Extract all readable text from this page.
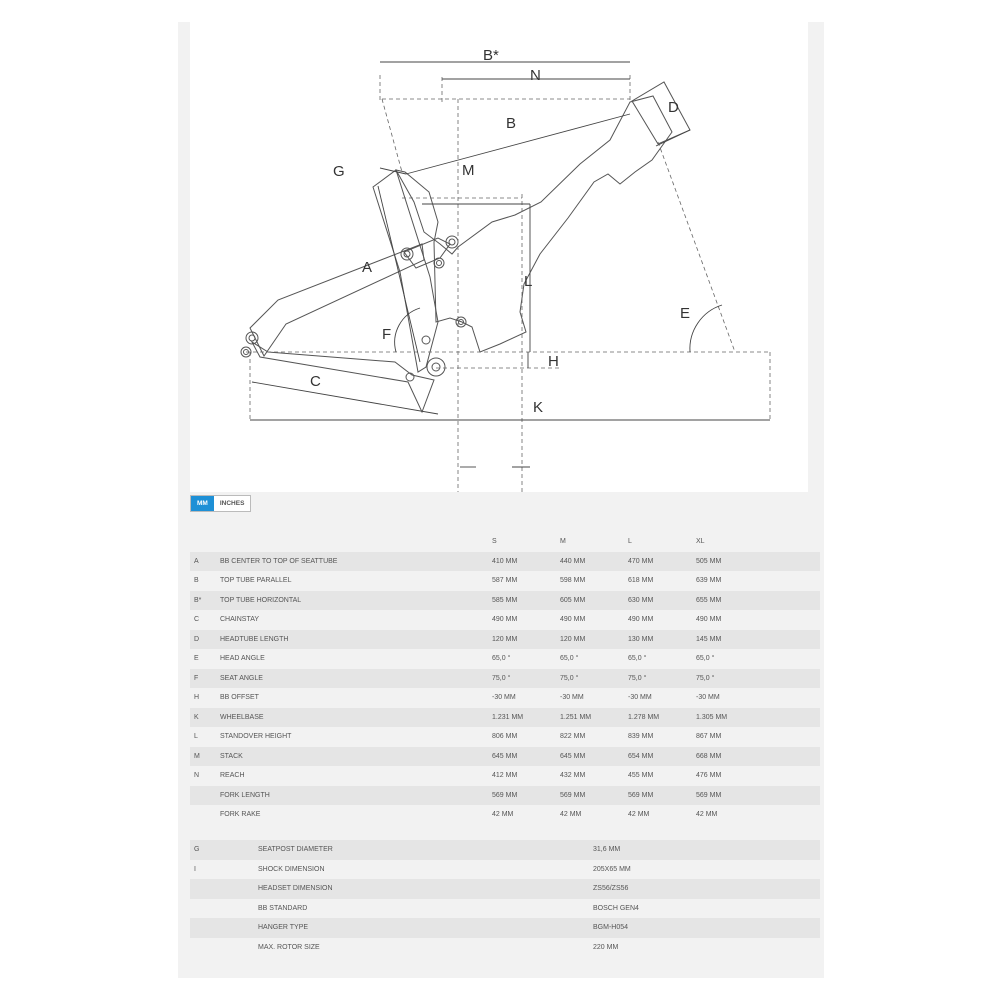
B*
N
B
D
G	M
A
L
E
F
H
C
K
MM	INCHES
S	M	L	XL
A	BB CENTER TO TOP OF SEATTUBE	410 MM	440 MM	470 MM	505 MM
B	TOP TUBE PARALLEL	587 MM	598 MM	618 MM	639 MM
B*	TOP TUBE HORIZONTAL	585 MM	605 MM	630 MM	655 MM
C	CHAINSTAY	490 MM	490 MM	490 MM	490 MM
D	HEADTUBE LENGTH	120 MM	120 MM	130 MM	145 MM
E	HEAD ANGLE	65,0 °	65,0 °	65,0 °	65,0 °
F	SEAT ANGLE	75,0 °	75,0 °	75,0 °	75,0 °
H	BB OFFSET	-30 MM	-30 MM	-30 MM	-30 MM
K	WHEELBASE	1.231 MM	1.251 MM	1.278 MM	1.305 MM
L	STANDOVER HEIGHT	806 MM	822 MM	839 MM	867 MM
M	STACK	645 MM	645 MM	654 MM	668 MM
N	REACH	412 MM	432 MM	455 MM	476 MM
FORK LENGTH	569 MM	569 MM	569 MM	569 MM
FORK RAKE	42 MM	42 MM	42 MM	42 MM
G	SEATPOST DIAMETER	31,6 MM
I	SHOCK DIMENSION	205X65 MM
HEADSET DIMENSION	ZS56/ZS56
BB STANDARD	BOSCH GEN4
HANGER TYPE	BGM-H054
MAX. ROTOR SIZE	220 MM
